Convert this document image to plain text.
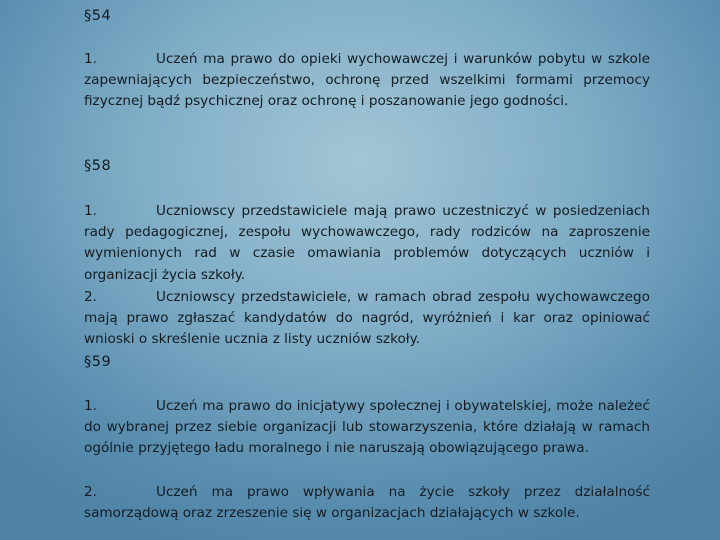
§54
1.	Uczeń ma prawo do opieki wychowawczej i warunków pobytu w szkole zapewniających bezpieczeństwo, ochronę przed wszelkimi formami przemocy fizycznej bądź psychicznej oraz ochronę i poszanowanie jego godności.
§58
1.	Uczniowscy przedstawiciele mają prawo uczestniczyć w posiedzeniach rady pedagogicznej, zespołu wychowawczego, rady rodziców na zaproszenie wymienionych rad w czasie omawiania problemów dotyczących uczniów i organizacji życia szkoły.
2.	Uczniowscy przedstawiciele, w ramach obrad zespołu wychowawczego mają prawo zgłaszać kandydatów do nagród, wyróżnień i kar oraz opiniować wnioski o skreślenie ucznia z listy uczniów szkoły.
§59
1.	Uczeń ma prawo do inicjatywy społecznej i obywatelskiej, może należeć do wybranej przez siebie organizacji lub stowarzyszenia, które działają w ramach ogólnie przyjętego ładu moralnego i nie naruszają obowiązującego prawa.
2.	Uczeń ma prawo wpływania na życie szkoły przez działalność samorządową oraz zrzeszenie się w organizacjach działających w szkole.
